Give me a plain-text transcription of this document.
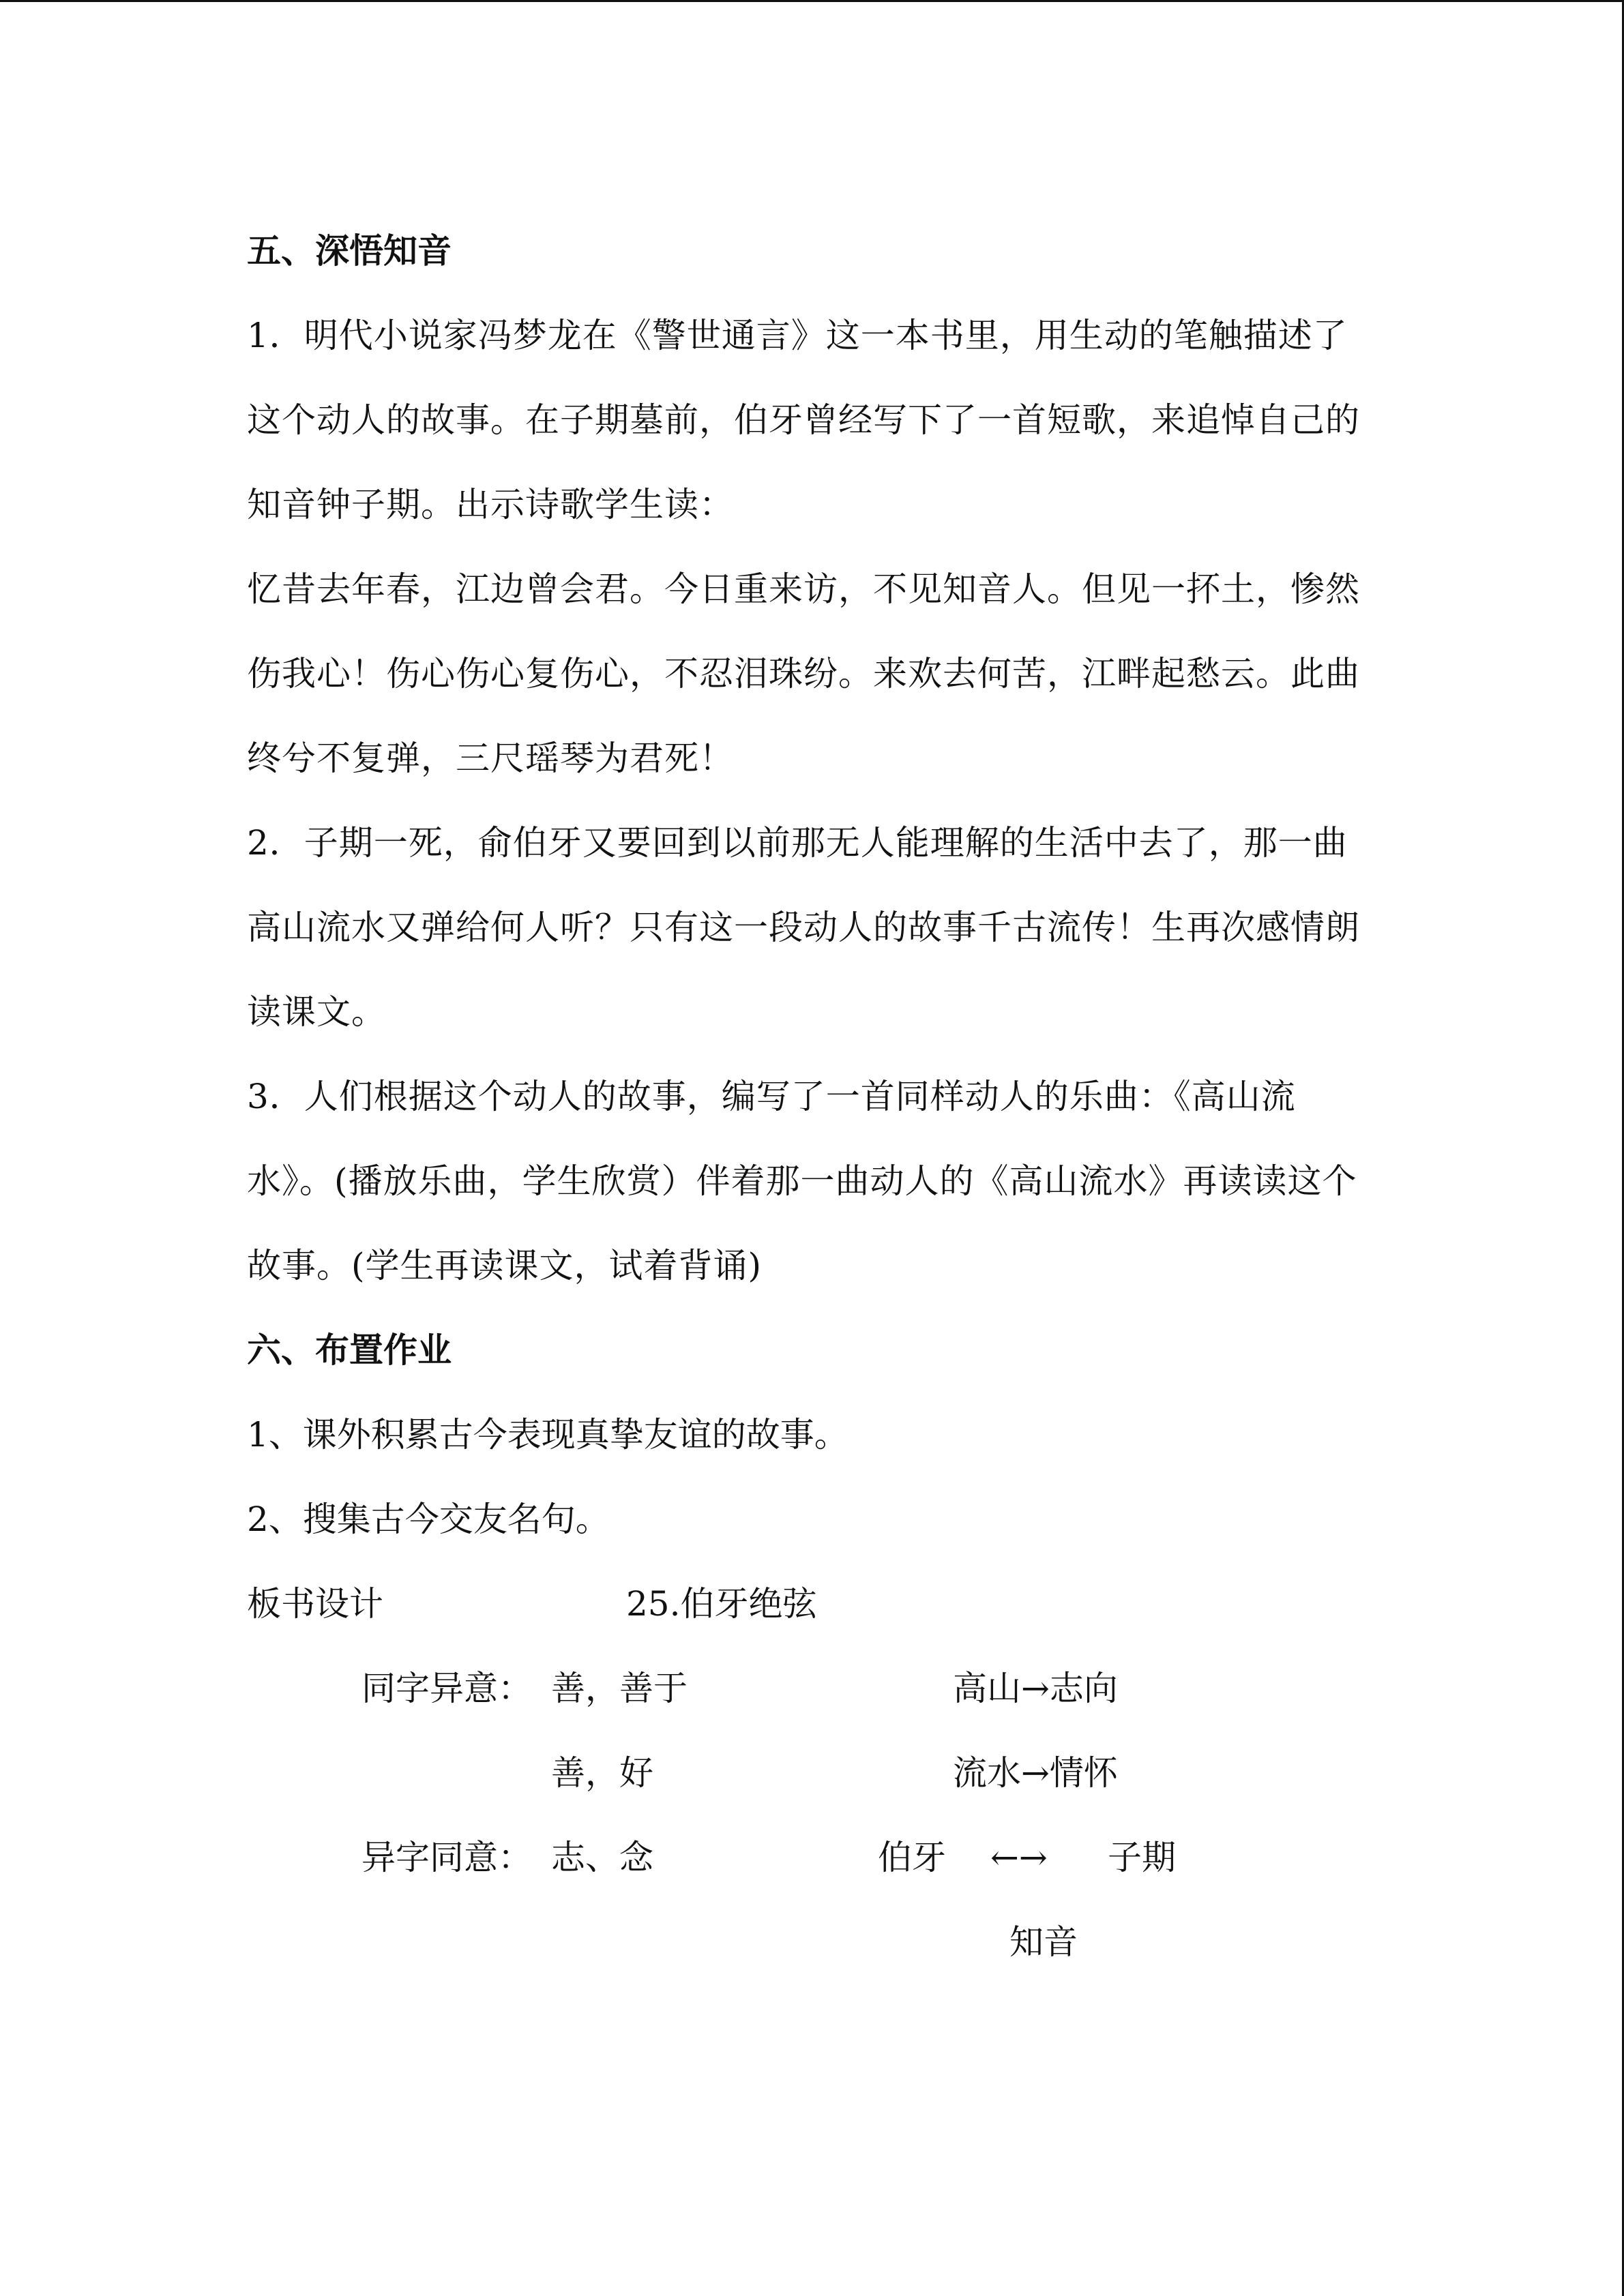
五、深悟知音

1．明代小说家冯梦龙在《警世通言》这一本书里，用生动的笔触描述了这个动人的故事。在子期墓前，伯牙曾经写下了一首短歌，来追悼自己的知音钟子期。出示诗歌学生读：

忆昔去年春，江边曾会君。今日重来访，不见知音人。但见一抔土，惨然伤我心！伤心伤心复伤心，不忍泪珠纷。来欢去何苦，江畔起愁云。此曲终兮不复弹，三尺瑶琴为君死！

2．子期一死，俞伯牙又要回到以前那无人能理解的生活中去了，那一曲高山流水又弹给何人听？只有这一段动人的故事千古流传！生再次感情朗读课文。

3．人们根据这个动人的故事，编写了一首同样动人的乐曲：《高山流水》。(播放乐曲，学生欣赏）伴着那一曲动人的《高山流水》再读读这个故事。(学生再读课文，试着背诵)

六、布置作业

1、课外积累古今表现真挚友谊的故事。

2、搜集古今交友名句。

板书设计	25.伯牙绝弦
同字异意： 善，善于	高山→志向
善，好	流水→情怀
异字同意： 志、念	伯牙 ←→ 子期
知音
